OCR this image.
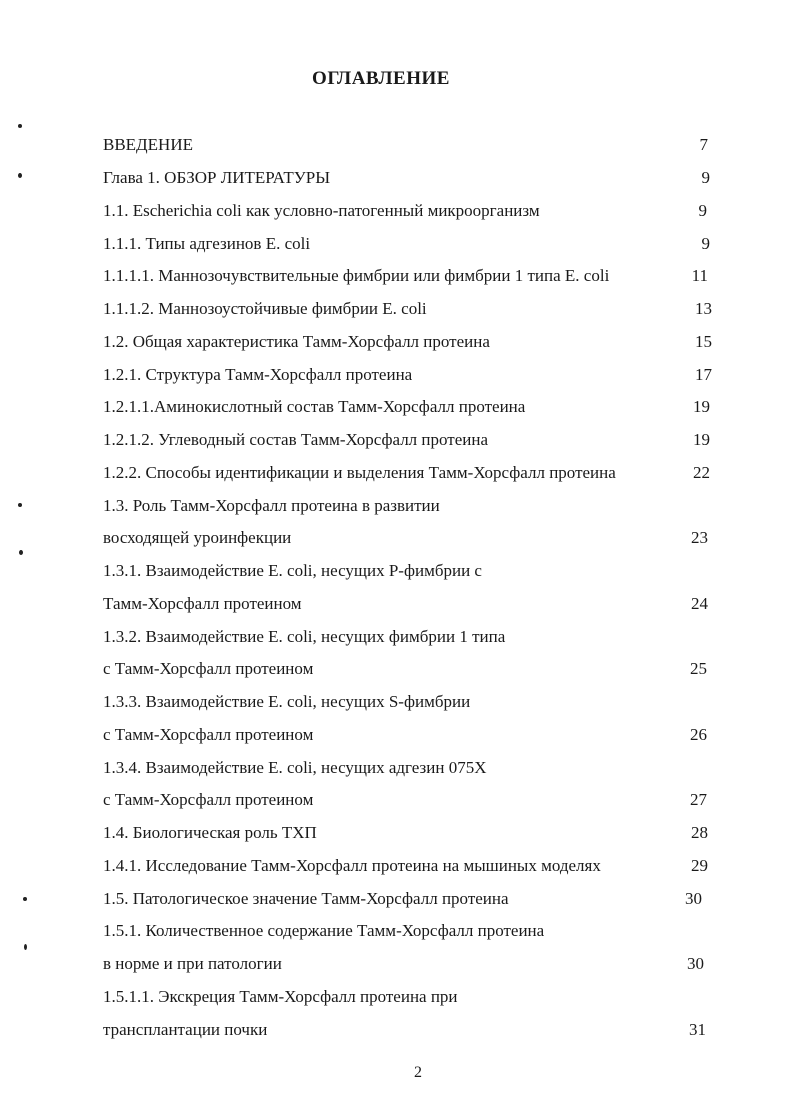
ОГЛАВЛЕНИЕ
ВВЕДЕНИЕ	7
Глава 1. ОБЗОР ЛИТЕРАТУРЫ	9
1.1. Escherichia coli как условно-патогенный микроорганизм	9
1.1.1. Типы адгезинов E. coli	9
1.1.1.1. Маннозочувствительные фимбрии или фимбрии 1 типа E. coli	11
1.1.1.2. Маннозоустойчивые фимбрии E. coli	13
1.2. Общая характеристика Тамм-Хорсфалл протеина	15
1.2.1. Структура Тамм-Хорсфалл протеина	17
1.2.1.1.Аминокислотный состав Тамм-Хорсфалл протеина	19
1.2.1.2. Углеводный состав Тамм-Хорсфалл протеина	19
1.2.2. Способы идентификации и выделения Тамм-Хорсфалл протеина	22
1.3. Роль Тамм-Хорсфалл протеина в развитии
восходящей уроинфекции	23
1.3.1. Взаимодействие E. coli, несущих P-фимбрии с
Тамм-Хорсфалл протеином	24
1.3.2. Взаимодействие E. coli, несущих фимбрии 1 типа
с Тамм-Хорсфалл протеином	25
1.3.3. Взаимодействие E. coli, несущих S-фимбрии
с Тамм-Хорсфалл протеином	26
1.3.4. Взаимодействие E. coli, несущих адгезин 075X
с Тамм-Хорсфалл протеином	27
1.4. Биологическая роль ТХП	28
1.4.1. Исследование Тамм-Хорсфалл протеина на мышиных моделях	29
1.5. Патологическое значение Тамм-Хорсфалл протеина	30
1.5.1. Количественное содержание Тамм-Хорсфалл протеина
в норме и при патологии	30
1.5.1.1. Экскреция Тамм-Хорсфалл протеина при
трансплантации почки	31
2
